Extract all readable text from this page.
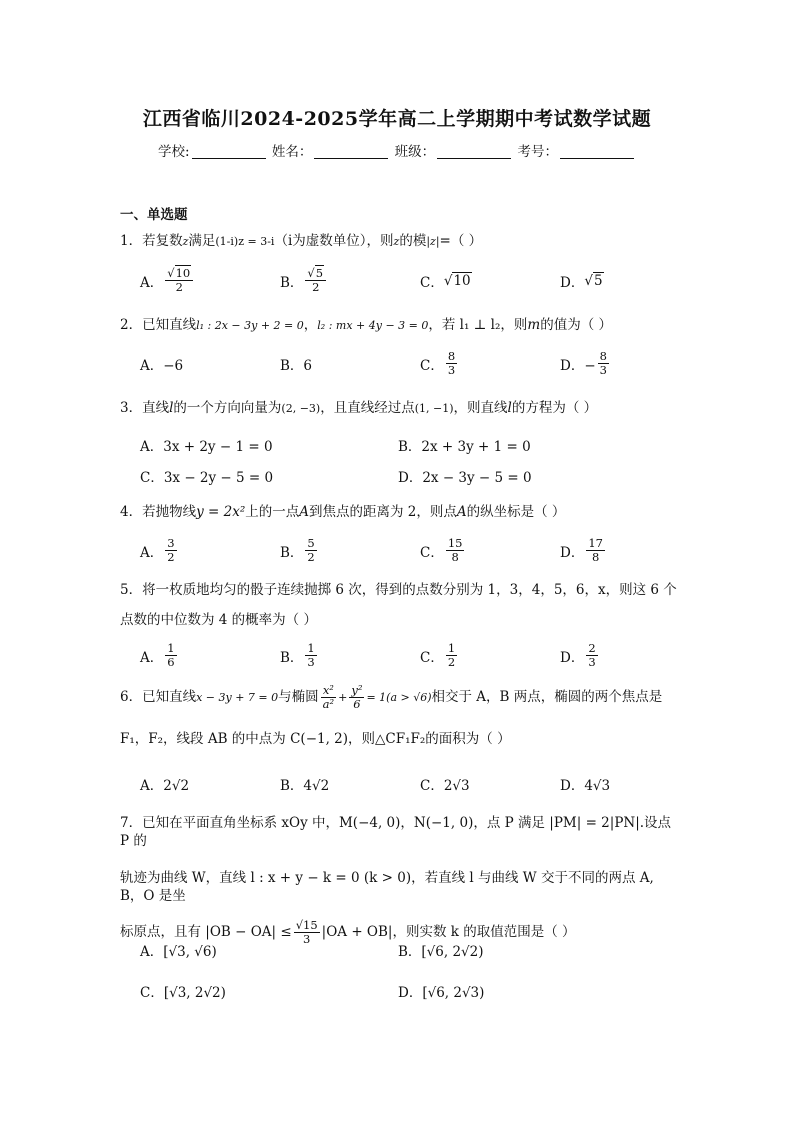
江西省临川2024-2025学年高二上学期期中考试数学试题
学校:	姓名：	班级：	考号：
一、单选题
1．若复数z满足(1-i)z = 3-i（i为虚数单位），则z的模|z|=（ ）
A． $\frac{√10}{2}$	B． $\frac{√5}{2}$	C． √10	D． √5
2．已知直线l₁ : 2x − 3y + 2 = 0，l₂ : mx + 4y − 3 = 0，若 l₁ ⊥ l₂，则m的值为（ ）
A．−6	B．6	C． $\frac{8}{3}$	D．− $\frac{8}{3}$
3．直线l的一个方向向量为(2, −3)，且直线经过点(1, −1)，则直线l的方程为（ ）
A．3x + 2y − 1 = 0	B．2x + 3y + 1 = 0
C．3x − 2y − 5 = 0	D．2x − 3y − 5 = 0
4．若抛物线y = 2x²上的一点A到焦点的距离为 2，则点A的纵坐标是（ ）
A． $\frac{3}{2}$	B． $\frac{5}{2}$	C． $\frac{15}{8}$	D． $\frac{17}{8}$
5．将一枚质地均匀的骰子连续抛掷 6 次，得到的点数分别为 1，3，4，5，6，x，则这 6 个
点数的中位数为 4 的概率为（ ）
A． $\frac{1}{6}$	B． $\frac{1}{3}$	C． $\frac{1}{2}$	D． $\frac{2}{3}$
6． 已知直线 x − 3y + 7 = 0 与椭圆 $\frac{\text{x²}}{\text{a²}} + \frac{\text{y²}}{6} = 1(a > √6)$ 相交于 A，B 两点，椭圆的两个焦点是
F₁，F₂，线段 AB 的中点为 C(−1, 2)，则△CF₁F₂的面积为（ ）
A．2√2	B．4√2	C．2√3	D．4√3
7．已知在平面直角坐标系 xOy 中，M(−4, 0)，N(−1, 0)，点 P 满足 |PM| = 2|PN|.设点 P 的
轨迹为曲线 W，直线 l : x + y − k = 0 (k > 0)，若直线 l 与曲线 W 交于不同的两点 A, B，O 是坐
标原点，且有 $|OB - OA| \le \frac{√15}{3} |OA + OB|$，则实数 k 的取值范围是（ ）
A．[√3, √6)	B．[√6, 2√2)
C．[√3, 2√2)	D．[√6, 2√3)
